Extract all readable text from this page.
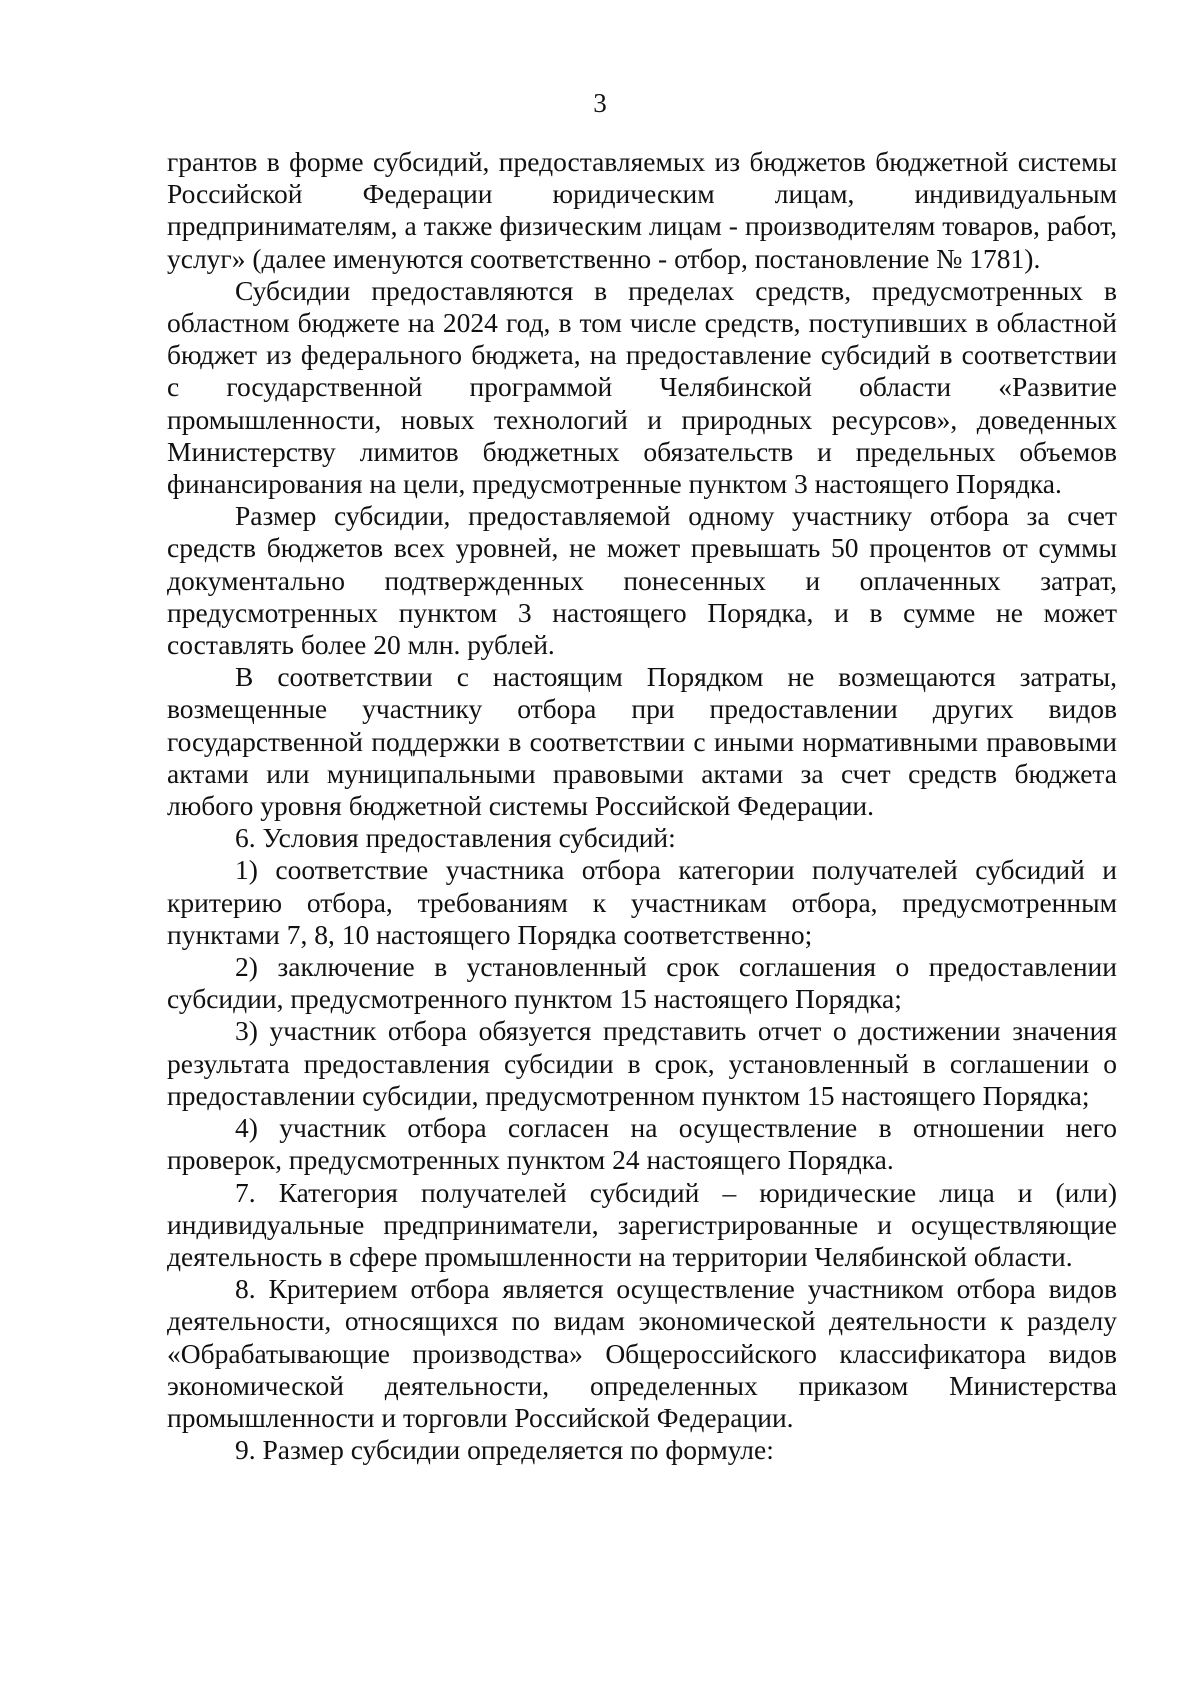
3

грантов в форме субсидий, предоставляемых из бюджетов бюджетной системы Российской Федерации юридическим лицам, индивидуальным предпринимателям, а также физическим лицам - производителям товаров, работ, услуг» (далее именуются соответственно - отбор, постановление № 1781).

Субсидии предоставляются в пределах средств, предусмотренных в областном бюджете на 2024 год, в том числе средств, поступивших в областной бюджет из федерального бюджета, на предоставление субсидий в соответствии с государственной программой Челябинской области «Развитие промышленности, новых технологий и природных ресурсов», доведенных Министерству лимитов бюджетных обязательств и предельных объемов финансирования на цели, предусмотренные пунктом 3 настоящего Порядка.

Размер субсидии, предоставляемой одному участнику отбора за счет средств бюджетов всех уровней, не может превышать 50 процентов от суммы документально подтвержденных понесенных и оплаченных затрат, предусмотренных пунктом 3 настоящего Порядка, и в сумме не может составлять более 20 млн. рублей.

В соответствии с настоящим Порядком не возмещаются затраты, возмещенные участнику отбора при предоставлении других видов государственной поддержки в соответствии с иными нормативными правовыми актами или муниципальными правовыми актами за счет средств бюджета любого уровня бюджетной системы Российской Федерации.

6. Условия предоставления субсидий:

1) соответствие участника отбора категории получателей субсидий и критерию отбора, требованиям к участникам отбора, предусмотренным пунктами 7, 8, 10 настоящего Порядка соответственно;

2) заключение в установленный срок соглашения о предоставлении субсидии, предусмотренного пунктом 15 настоящего Порядка;

3) участник отбора обязуется представить отчет о достижении значения результата предоставления субсидии в срок, установленный в соглашении о предоставлении субсидии, предусмотренном пунктом 15 настоящего Порядка;

4) участник отбора согласен на осуществление в отношении него проверок, предусмотренных пунктом 24 настоящего Порядка.

7. Категория получателей субсидий – юридические лица и (или) индивидуальные предприниматели, зарегистрированные и осуществляющие деятельность в сфере промышленности на территории Челябинской области.

8. Критерием отбора является осуществление участником отбора видов деятельности, относящихся по видам экономической деятельности к разделу «Обрабатывающие производства» Общероссийского классификатора видов экономической деятельности, определенных приказом Министерства промышленности и торговли Российской Федерации.

9. Размер субсидии определяется по формуле:
